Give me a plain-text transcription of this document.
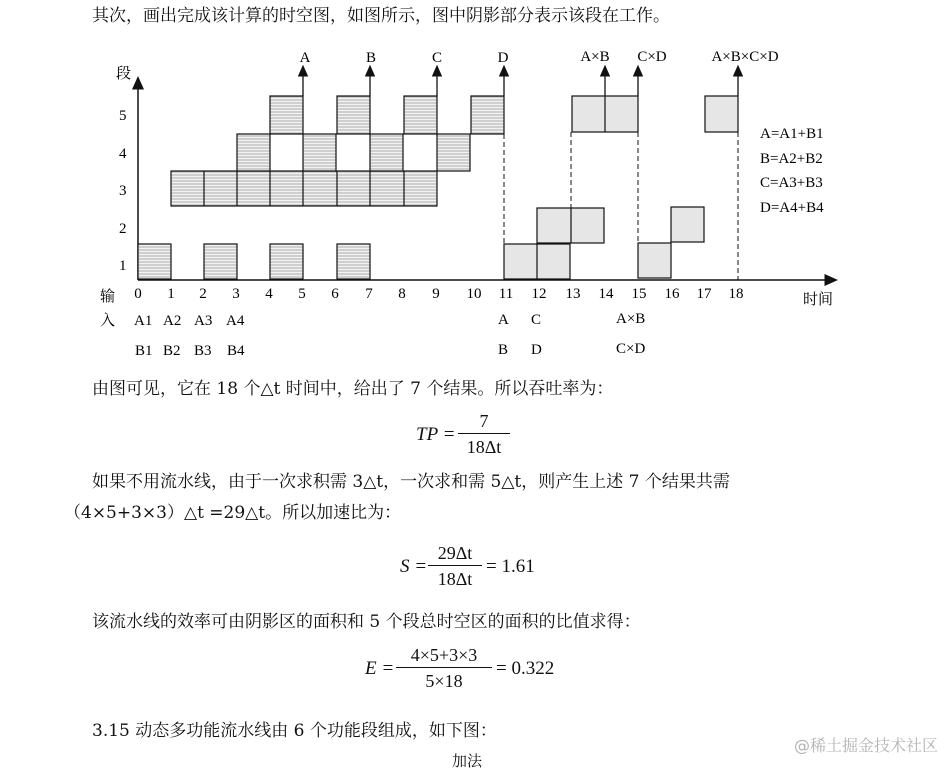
其次，画出完成该计算的时空图，如图所示，图中阴影部分表示该段在工作。
段
时间
输
入
5
4
3
2
1
0 1 2 3 4 5 6 7 8 9 10 11 12 13 14 15 16 17 18
A	B	C	D	A×B C×D	A×B×C×D
A1 A2 A3 A4
B1 B2 B3 B4
A C	A×B
B D	C×D
A=A1+B1
B=A2+B2
C=A3+B3
D=A4+B4
由图可见，它在 18 个△t 时间中，给出了 7 个结果。所以吞吐率为：
TP =
7
18Δt
如果不用流水线，由于一次求积需 3△t，一次求和需 5△t，则产生上述 7 个结果共需
（4×5+3×3）△t =29△t。所以加速比为：
S =
29Δt
18Δt
= 1.61
该流水线的效率可由阴影区的面积和 5 个段总时空区的面积的比值求得：
E =
4×5+3×3
5×18
= 0.322
3.15 动态多功能流水线由 6 个功能段组成，如下图：
加法
@稀土掘金技术社区
